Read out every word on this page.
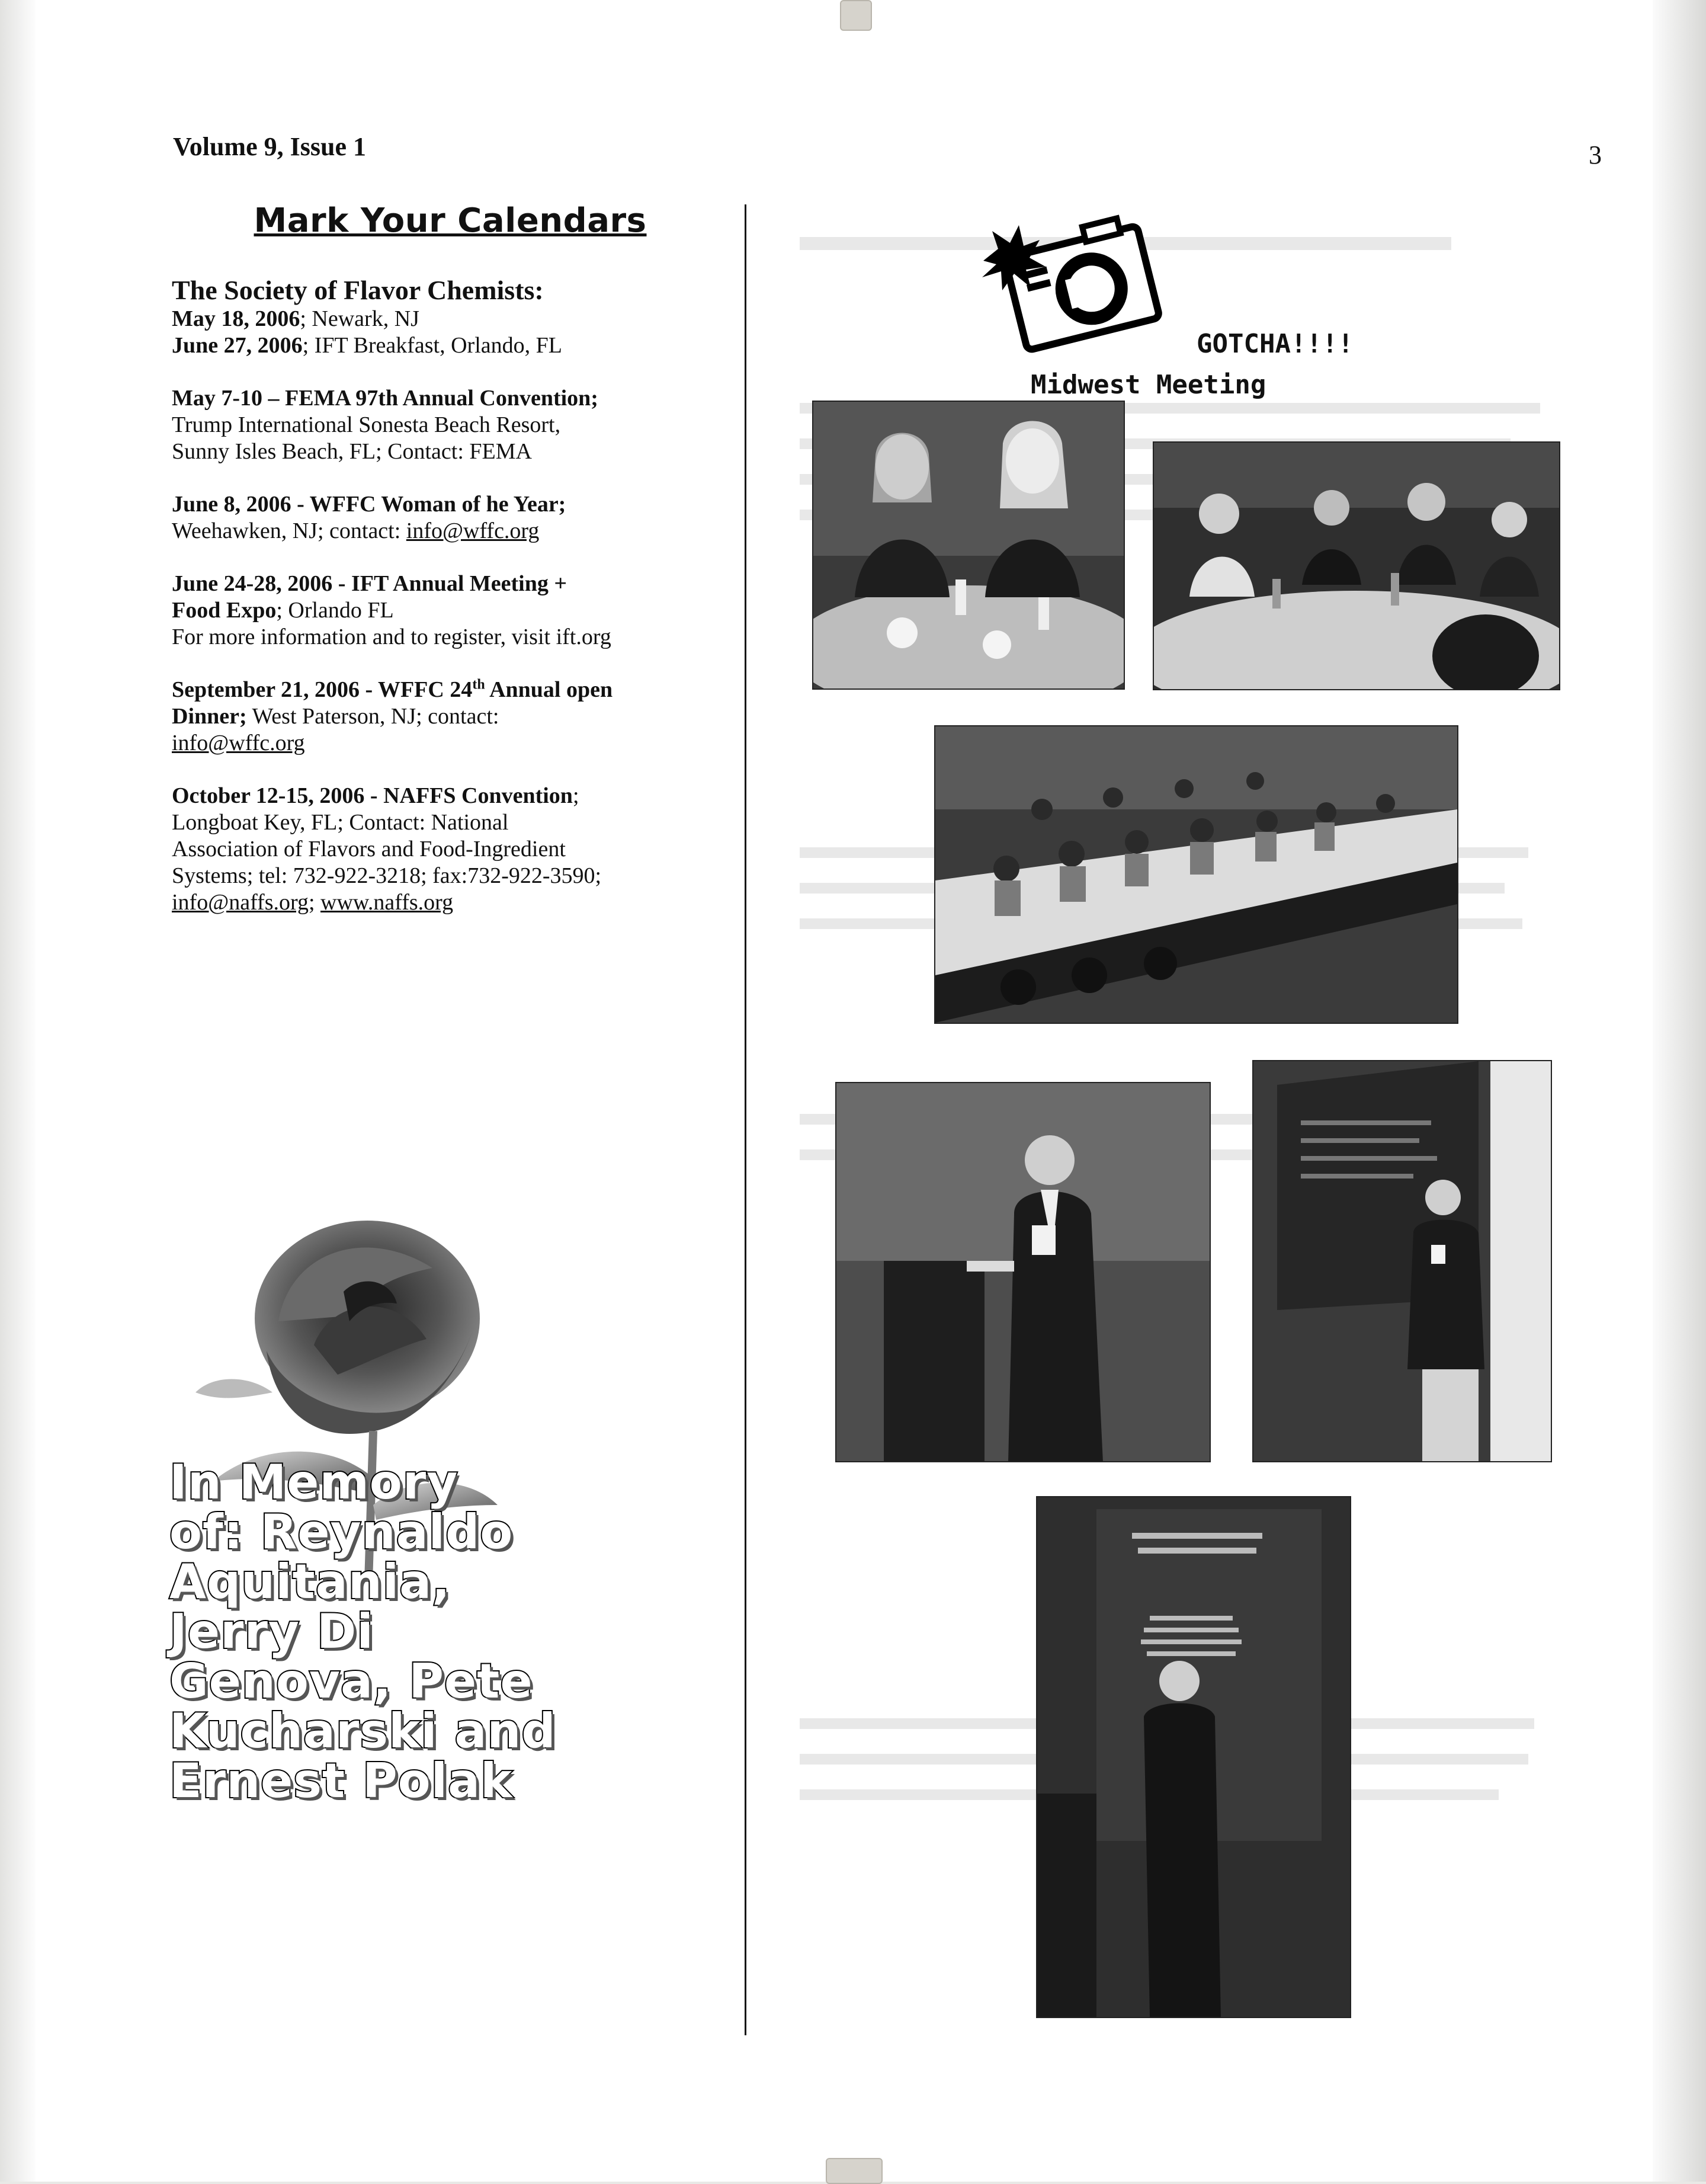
Volume 9, Issue 1	3
Mark Your Calendars
The Society of Flavor Chemists:
May 18, 2006; Newark, NJ
June 27, 2006; IFT Breakfast, Orlando, FL
May 7-10 – FEMA 97th Annual Convention;
Trump International Sonesta Beach Resort,
Sunny Isles Beach, FL; Contact: FEMA
June 8, 2006 - WFFC Woman of he Year;
Weehawken, NJ; contact: info@wffc.org
June 24-28, 2006 - IFT Annual Meeting +
Food Expo; Orlando FL
For more information and to register, visit ift.org
September 21, 2006 - WFFC 24th Annual open
Dinner; West Paterson, NJ; contact:
info@wffc.org
October 12-15, 2006 - NAFFS Convention;
Longboat Key, FL; Contact: National
Association of Flavors and Food-Ingredient
Systems; tel: 732-922-3218; fax:732-922-3590;
info@naffs.org; www.naffs.org
In Memory
of: Reynaldo
Aquitania,
Jerry Di
Genova, Pete
Kucharski and
Ernest Polak
GOTCHA!!!!
Midwest Meeting
